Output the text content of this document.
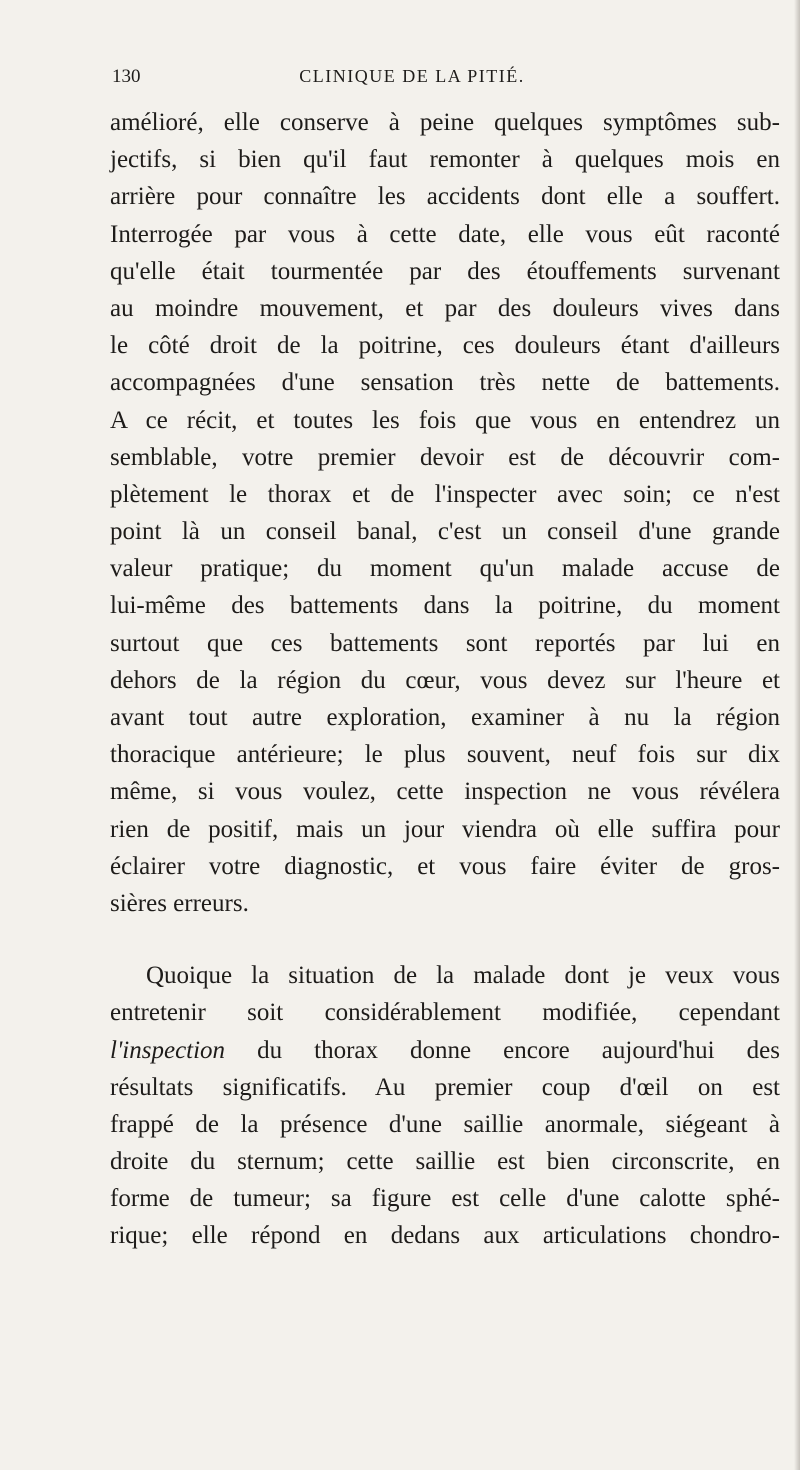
130	CLINIQUE DE LA PITIÉ.
amélioré, elle conserve à peine quelques symptômes sub-
jectifs, si bien qu'il faut remonter à quelques mois en
arrière pour connaître les accidents dont elle a souffert.
Interrogée par vous à cette date, elle vous eût raconté
qu'elle était tourmentée par des étouffements survenant
au moindre mouvement, et par des douleurs vives dans
le côté droit de la poitrine, ces douleurs étant d'ailleurs
accompagnées d'une sensation très nette de battements.
A ce récit, et toutes les fois que vous en entendrez un
semblable, votre premier devoir est de découvrir com-
plètement le thorax et de l'inspecter avec soin; ce n'est
point là un conseil banal, c'est un conseil d'une grande
valeur pratique; du moment qu'un malade accuse de
lui-même des battements dans la poitrine, du moment
surtout que ces battements sont reportés par lui en
dehors de la région du cœur, vous devez sur l'heure et
avant tout autre exploration, examiner à nu la région
thoracique antérieure; le plus souvent, neuf fois sur dix
même, si vous voulez, cette inspection ne vous révélera
rien de positif, mais un jour viendra où elle suffira pour
éclairer votre diagnostic, et vous faire éviter de gros-
sières erreurs.
Quoique la situation de la malade dont je veux vous
entretenir soit considérablement modifiée, cependant
l'inspection du thorax donne encore aujourd'hui des
résultats significatifs. Au premier coup d'œil on est
frappé de la présence d'une saillie anormale, siégeant à
droite du sternum; cette saillie est bien circonscrite, en
forme de tumeur; sa figure est celle d'une calotte sphé-
rique; elle répond en dedans aux articulations chondro-
